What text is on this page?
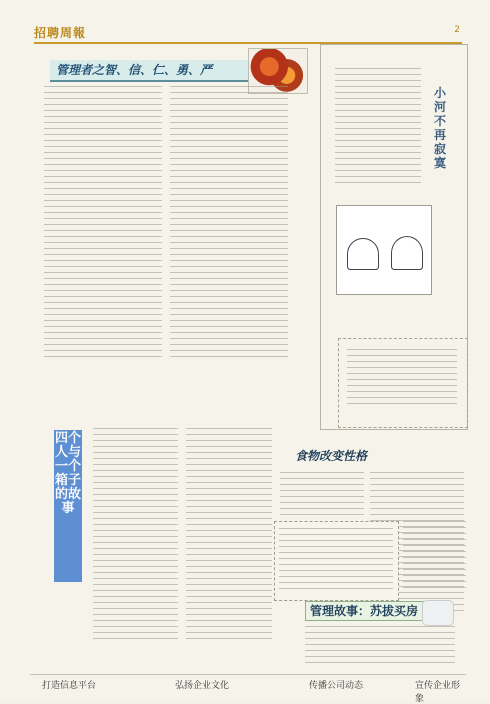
招聘周報	2
管理者之智、信、仁、勇、严
小河不再寂寞
四个人与一个箱子的故事
食物改变性格
管理故事：苏拔买房
打造信息平台	弘扬企业文化	传播公司动态	宣传企业形象
